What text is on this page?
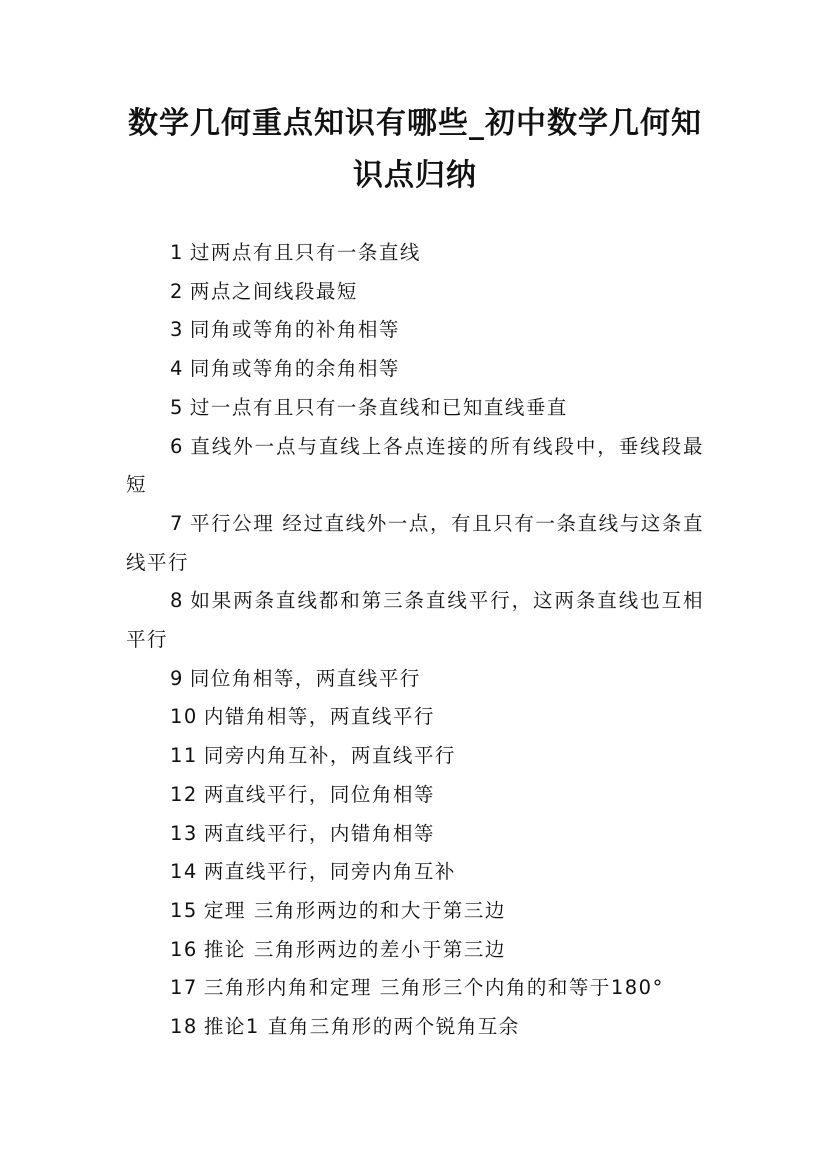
数学几何重点知识有哪些_初中数学几何知识点归纳
1 过两点有且只有一条直线
2 两点之间线段最短
3 同角或等角的补角相等
4 同角或等角的余角相等
5 过一点有且只有一条直线和已知直线垂直
6 直线外一点与直线上各点连接的所有线段中，垂线段最短
7 平行公理 经过直线外一点，有且只有一条直线与这条直线平行
8 如果两条直线都和第三条直线平行，这两条直线也互相平行
9 同位角相等，两直线平行
10 内错角相等，两直线平行
11 同旁内角互补，两直线平行
12 两直线平行，同位角相等
13 两直线平行，内错角相等
14 两直线平行，同旁内角互补
15 定理 三角形两边的和大于第三边
16 推论 三角形两边的差小于第三边
17 三角形内角和定理 三角形三个内角的和等于180°
18 推论1 直角三角形的两个锐角互余
